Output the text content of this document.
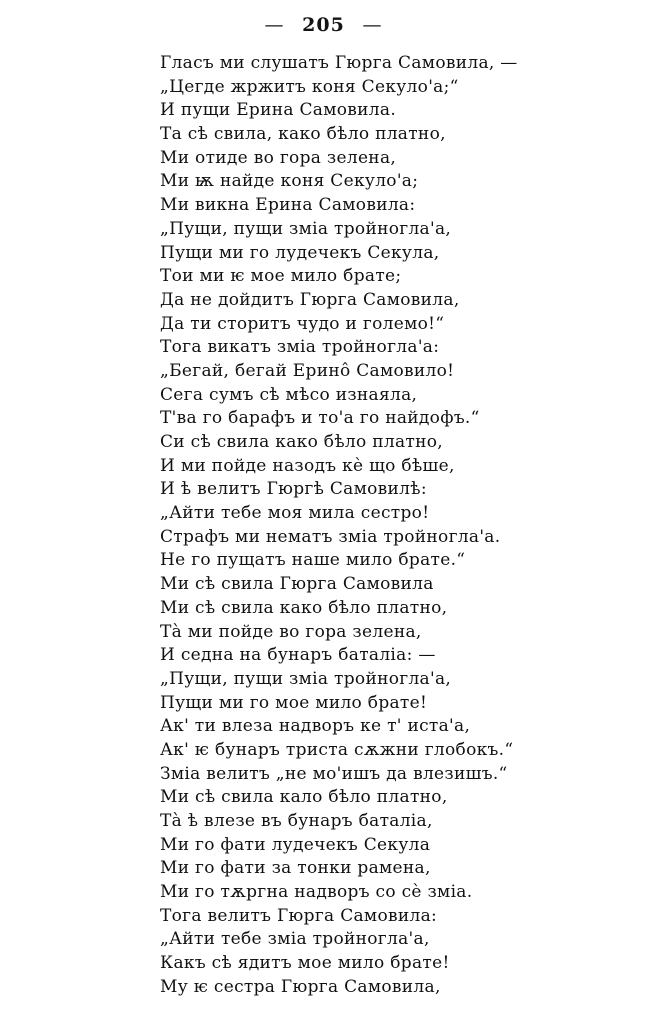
— 205 —
Гласъ ми слушатъ Гюрга Самовила, —
„Цегде жржитъ коня Секуло'а;“
И пущи Ерина Самовила.
Та сѣ свила, како бѣло платно,
Ми отиде во гора зелена,
Ми ѭ найде коня Секуло'а;
Ми викна Ерина Самовила:
„Пущи, пущи зміа тройногла'а,
Пущи ми го лудечекъ Секула,
Тои ми ѥ мое мило брате;
Да не дойдитъ Гюрга Самовила,
Да ти сторитъ чудо и големо!“
Тога викатъ зміа тройногла'а:
„Бегай, бегай Еринô Самовило!
Сега сумъ сѣ мѣсо изнаяла,
Т'ва го барафъ и то'а го найдофъ.“
Си сѣ свила како бѣло платно,
И ми пойде назодъ кѐ що бѣше,
И ѣ велитъ Гюргѣ Самовилѣ:
„Айти тебе моя мила сестро!
Страфъ ми нематъ зміа тройногла'а.
Не го пущатъ наше мило брате.“
Ми сѣ свила Гюрга Самовила
Ми сѣ свила како бѣло платно,
Тà ми пойде во гора зелена,
И седна на бунаръ баталіа: —
„Пущи, пущи зміа тройногла'а,
Пущи ми го мое мило брате!
Ак' ти влеза надворъ ке т' иста'а,
Ак' ѥ бунаръ триста сѫжни глобокъ.“
Зміа велитъ „не мо'ишъ да влезишъ.“
Ми сѣ свила кало бѣло платно,
Тà ѣ влезе въ бунаръ баталіа,
Ми го фати лудечекъ Секула
Ми го фати за тонки рамена,
Ми го тѫргна надворъ со сè зміа.
Тога велитъ Гюрга Самовила:
„Айти тебе зміа тройногла'а,
Какъ сѣ ядитъ мое мило брате!
Му ѥ сестра Гюрга Самовила,
